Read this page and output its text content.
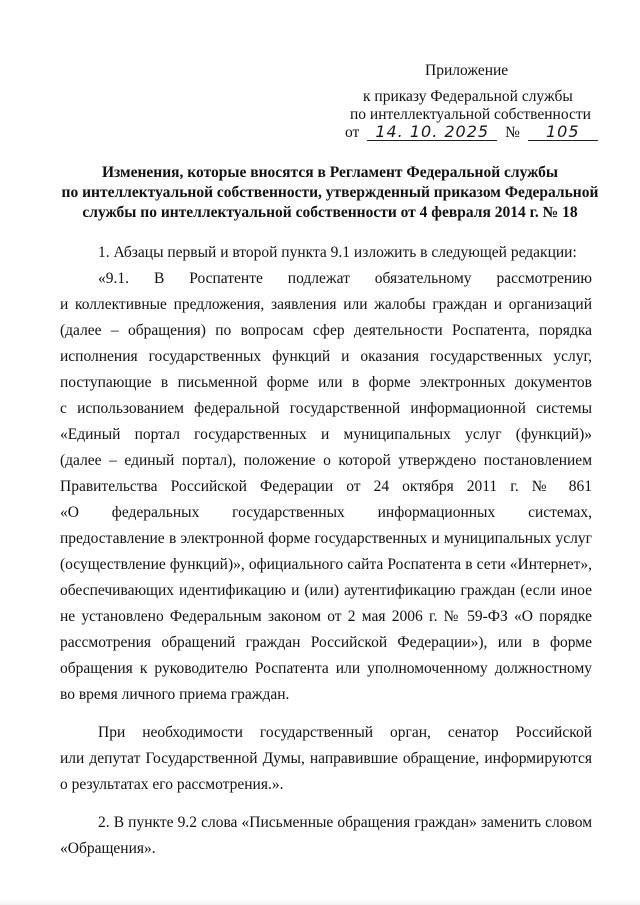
Приложение
к приказу Федеральной службы
по интеллектуальной собственности
от 14. 10. 2025 № 105
Изменения, которые вносятся в Регламент Федеральной службы
по интеллектуальной собственности, утвержденный приказом Федеральной
службы по интеллектуальной собственности от 4 февраля 2014 г. № 18
1. Абзацы первый и второй пункта 9.1 изложить в следующей редакции:
«9.1. В Роспатенте подлежат обязательному рассмотрению
и коллективные предложения, заявления или жалобы граждан и организаций
(далее – обращения) по вопросам сфер деятельности Роспатента, порядка
исполнения государственных функций и оказания государственных услуг,
поступающие в письменной форме или в форме электронных документов
с использованием федеральной государственной информационной системы
«Единый портал государственных и муниципальных услуг (функций)»
(далее – единый портал), положение о которой утверждено постановлением
Правительства Российской Федерации от 24 октября 2011 г. № 861
«О федеральных государственных информационных системах,
предоставление в электронной форме государственных и муниципальных услуг
(осуществление функций)», официального сайта Роспатента в сети «Интернет»,
обеспечивающих идентификацию и (или) аутентификацию граждан (если иное
не установлено Федеральным законом от 2 мая 2006 г. № 59-ФЗ «О порядке
рассмотрения обращений граждан Российской Федерации»), или в форме
обращения к руководителю Роспатента или уполномоченному должностному
во время личного приема граждан.
При необходимости государственный орган, сенатор Российской
или депутат Государственной Думы, направившие обращение, информируются
о результатах его рассмотрения.».
2. В пункте 9.2 слова «Письменные обращения граждан» заменить словом
«Обращения».
